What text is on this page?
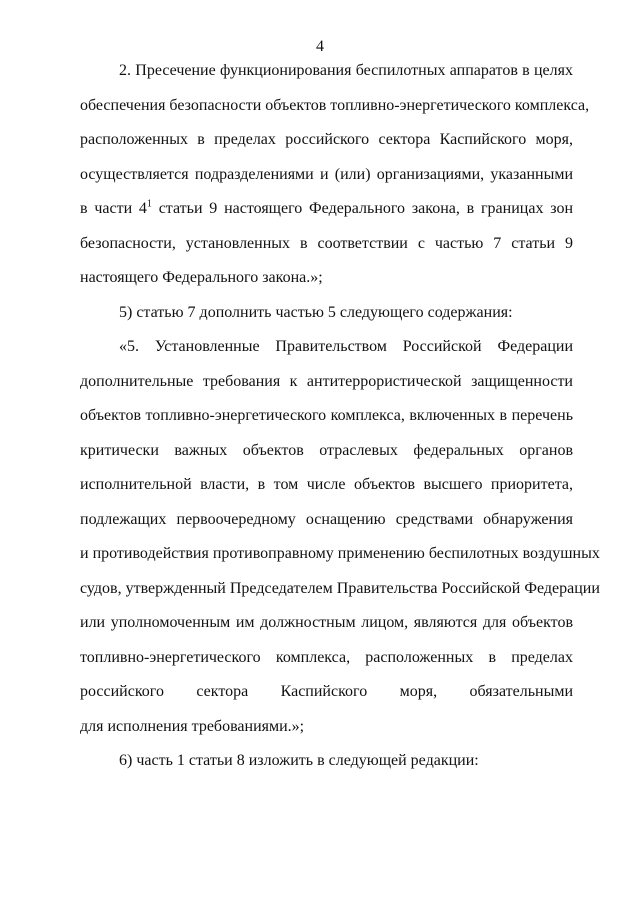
4
2. Пресечение функционирования беспилотных аппаратов в целях
обеспечения безопасности объектов топливно-энергетического комплекса,
расположенных в пределах российского сектора Каспийского моря,
осуществляется подразделениями и (или) организациями, указанными
в части $4^1$ статьи 9 настоящего Федерального закона, в границах зон
безопасности, установленных в соответствии с частью 7 статьи 9
настоящего Федерального закона.»;
5) статью 7 дополнить частью 5 следующего содержания:
«5. Установленные Правительством Российской Федерации
дополнительные требования к антитеррористической защищенности
объектов топливно-энергетического комплекса, включенных в перечень
критически важных объектов отраслевых федеральных органов
исполнительной власти, в том числе объектов высшего приоритета,
подлежащих первоочередному оснащению средствами обнаружения
и противодействия противоправному применению беспилотных воздушных
судов, утвержденный Председателем Правительства Российской Федерации
или уполномоченным им должностным лицом, являются для объектов
топливно-энергетического комплекса, расположенных в пределах
российского сектора Каспийского моря, обязательными
для исполнения требованиями.»;
6) часть 1 статьи 8 изложить в следующей редакции:
